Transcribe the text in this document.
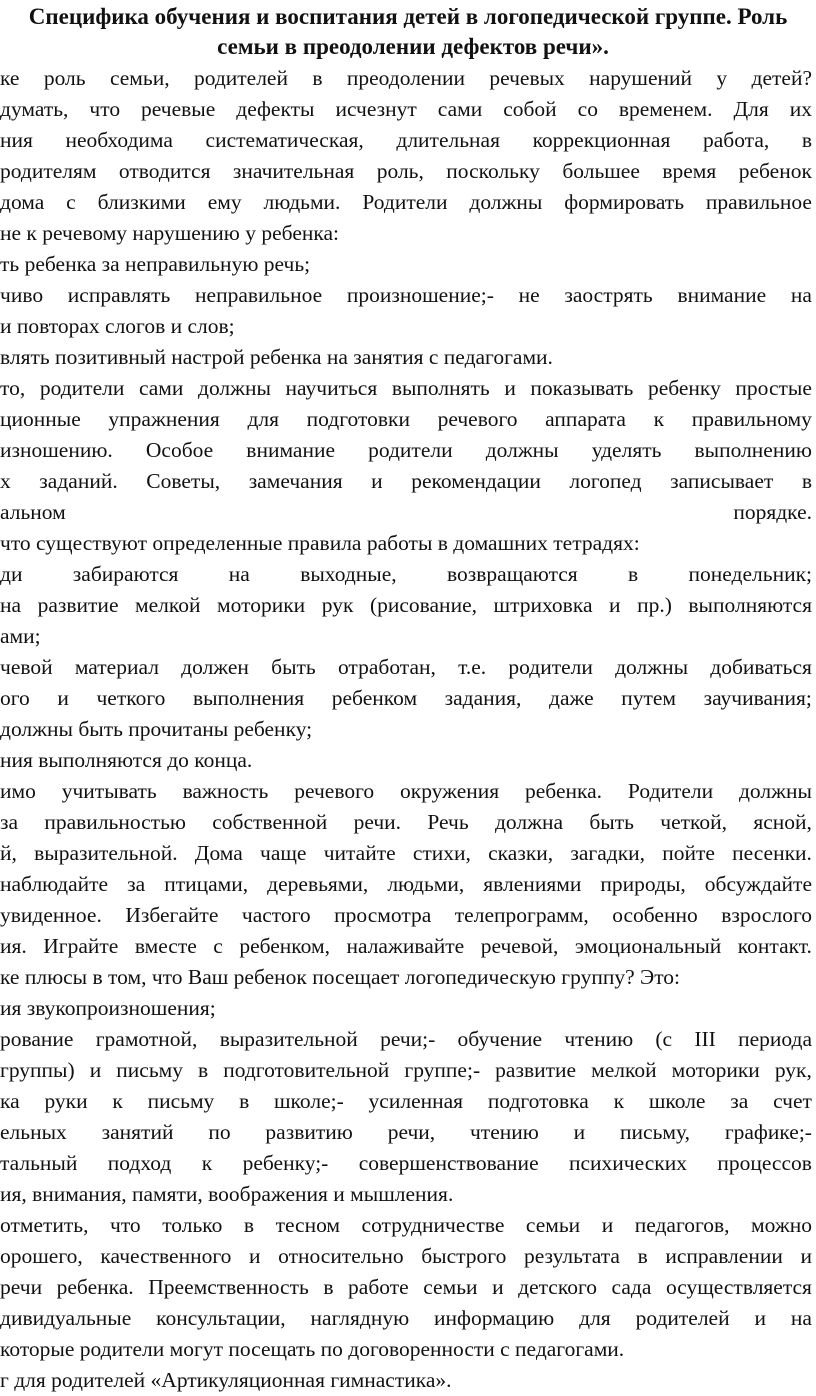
Специфика обучения и воспитания детей в логопедической группе. Роль
семьи в преодолении дефектов речи».
ке роль семьи, родителей в преодолении речевых нарушений у детей?
думать, что речевые дефекты исчезнут сами собой со временем. Для их
ния необходима систематическая, длительная коррекционная работа, в
родителям отводится значительная роль, поскольку большее время ребенок
дома с близкими ему людьми. Родители должны формировать правильное
не к речевому нарушению у ребенка:
ть ребенка за неправильную речь;
чиво исправлять неправильное произношение;- не заострять внимание на
и повторах слогов и слов;
влять позитивный настрой ребенка на занятия с педагогами.
то, родители сами должны научиться выполнять и показывать ребенку простые
ционные упражнения для подготовки речевого аппарата к правильному
изношению. Особое внимание родители должны уделять выполнению
х заданий. Советы, замечания и рекомендации логопед записывает в
альном	порядке.
что существуют определенные правила работы в домашних тетрадях:
ди забираются на выходные, возвращаются в понедельник;
на развитие мелкой моторики рук (рисование, штриховка и пр.) выполняются
ами;
чевой материал должен быть отработан, т.е. родители должны добиваться
ого и четкого выполнения ребенком задания, даже путем заучивания;
должны быть прочитаны ребенку;
ния выполняются до конца.
имо учитывать важность речевого окружения ребенка. Родители должны
за правильностью собственной речи. Речь должна быть четкой, ясной,
й, выразительной. Дома чаще читайте стихи, сказки, загадки, пойте песенки.
наблюдайте за птицами, деревьями, людьми, явлениями природы, обсуждайте
увиденное. Избегайте частого просмотра телепрограмм, особенно взрослого
ия. Играйте вместе с ребенком, налаживайте речевой, эмоциональный контакт.
ке плюсы в том, что Ваш ребенок посещает логопедическую группу? Это:
ия звукопроизношения;
рование грамотной, выразительной речи;- обучение чтению (с III периода
группы) и письму в подготовительной группе;- развитие мелкой моторики рук,
ка руки к письму в школе;- усиленная подготовка к школе за счет
ельных занятий по развитию речи, чтению и письму, графике;-
тальный подход к ребенку;- совершенствование психических процессов
ия, внимания, памяти, воображения и мышления.
отметить, что только в тесном сотрудничестве семьи и педагогов, можно
орошего, качественного и относительно быстрого результата в исправлении и
речи ребенка. Преемственность в работе семьи и детского сада осуществляется
дивидуальные консультации, наглядную информацию для родителей и на
которые родители могут посещать по договоренности с педагогами.
г для родителей «Артикуляционная гимнастика».
